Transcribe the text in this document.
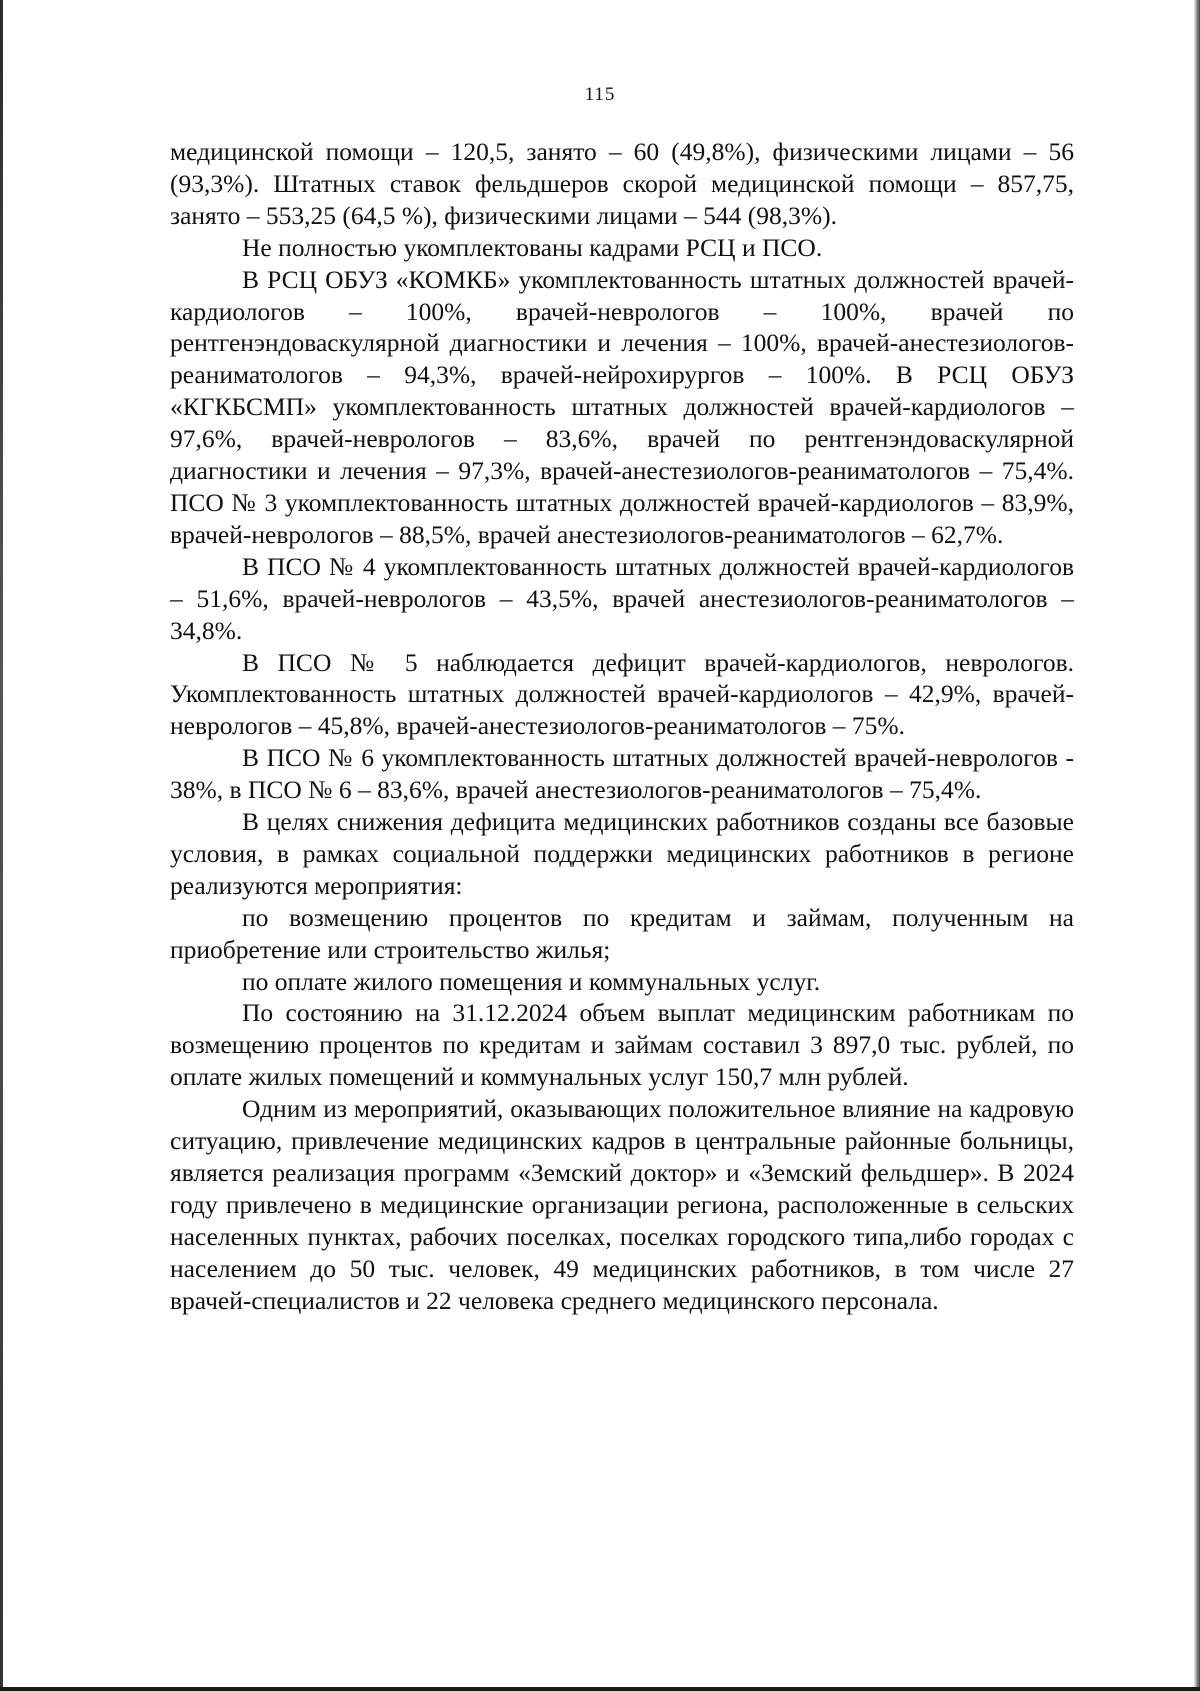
115

медицинской помощи – 120,5, занято – 60 (49,8%), физическими лицами – 56 (93,3%). Штатных ставок фельдшеров скорой медицинской помощи – 857,75, занято – 553,25 (64,5 %), физическими лицами – 544 (98,3%).

Не полностью укомплектованы кадрами РСЦ и ПСО.

В РСЦ ОБУЗ «КОМКБ» укомплектованность штатных должностей врачей-кардиологов – 100%, врачей-неврологов – 100%, врачей по рентгенэндоваскулярной диагностики и лечения – 100%, врачей-анестезиологов-реаниматологов – 94,3%, врачей-нейрохирургов – 100%. В РСЦ ОБУЗ «КГКБСМП» укомплектованность штатных должностей врачей-кардиологов – 97,6%, врачей-неврологов – 83,6%, врачей по рентгенэндоваскулярной диагностики и лечения – 97,3%, врачей-анестезиологов-реаниматологов – 75,4%. ПСО № 3 укомплектованность штатных должностей врачей-кардиологов – 83,9%, врачей-неврологов – 88,5%, врачей анестезиологов-реаниматологов – 62,7%.

В ПСО № 4 укомплектованность штатных должностей врачей-кардиологов – 51,6%, врачей-неврологов – 43,5%, врачей анестезиологов-реаниматологов – 34,8%.

В ПСО № 5 наблюдается дефицит врачей-кардиологов, неврологов. Укомплектованность штатных должностей врачей-кардиологов – 42,9%, врачей-неврологов – 45,8%, врачей-анестезиологов-реаниматологов – 75%.

В ПСО № 6 укомплектованность штатных должностей врачей-неврологов - 38%, в ПСО № 6 – 83,6%, врачей анестезиологов-реаниматологов – 75,4%.

В целях снижения дефицита медицинских работников созданы все базовые условия, в рамках социальной поддержки медицинских работников в регионе реализуются мероприятия:

по возмещению процентов по кредитам и займам, полученным на приобретение или строительство жилья;

по оплате жилого помещения и коммунальных услуг.

По состоянию на 31.12.2024 объем выплат медицинским работникам по возмещению процентов по кредитам и займам составил 3 897,0 тыс. рублей, по оплате жилых помещений и коммунальных услуг 150,7 млн рублей.

Одним из мероприятий, оказывающих положительное влияние на кадровую ситуацию, привлечение медицинских кадров в центральные районные больницы, является реализация программ «Земский доктор» и «Земский фельдшер». В 2024 году привлечено в медицинские организации региона, расположенные в сельских населенных пунктах, рабочих поселках, поселках городского типа,либо городах с населением до 50 тыс. человек, 49 медицинских работников, в том числе 27 врачей-специалистов и 22 человека среднего медицинского персонала.
